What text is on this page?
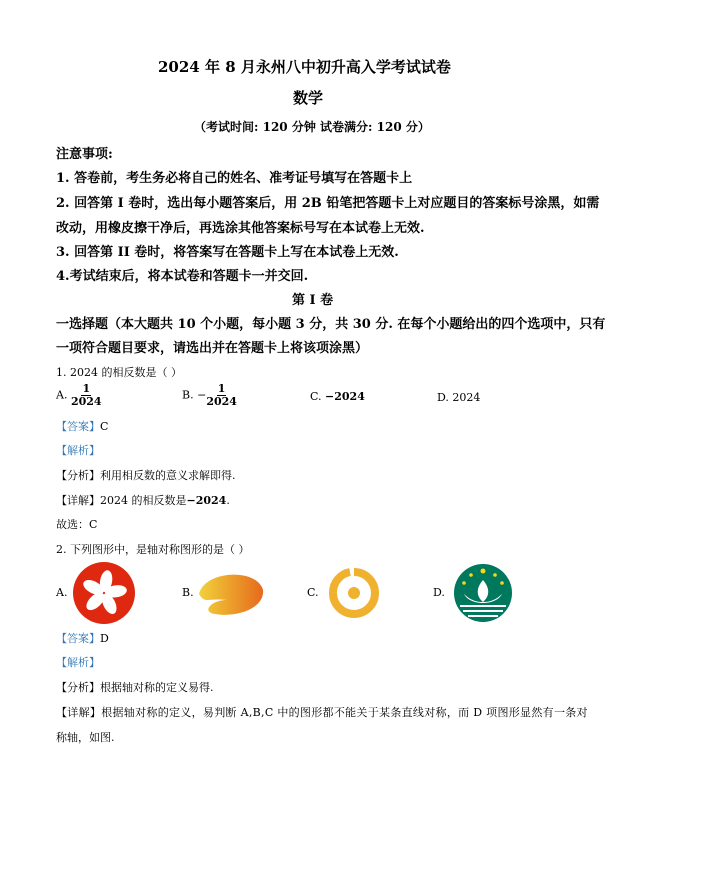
2024 年 8 月永州八中初升高入学考试试卷
数学
（考试时间: 120 分钟 试卷满分: 120 分）
注意事项:
1. 答卷前，考生务必将自己的姓名、准考证号填写在答题卡上
2. 回答第 I 卷时，选出每小题答案后，用 2B 铅笔把答题卡上对应题目的答案标号涂黑，如需
改动，用橡皮擦干净后，再选涂其他答案标号写在本试卷上无效.
3. 回答第 II 卷时，将答案写在答题卡上写在本试卷上无效.
4.考试结束后，将本试卷和答题卡一并交回.
第 I 卷
一选择题（本大题共 10 个小题，每小题 3 分，共 30 分. 在每个小题给出的四个选项中，只有
一项符合题目要求，请选出并在答题卡上将该项涂黑）
1. 2024 的相反数是（ ）
A. $\frac{1}{2024}$	B. − $\frac{1}{2024}$	C. −2024	D. 2024
【答案】C
【解析】
【分析】利用相反数的意义求解即得.
【详解】2024 的相反数是−2024.
故选：C
2. 下列图形中，是轴对称图形的是（ ）
A.	B.	C.	D.
【答案】D
【解析】
【分析】根据轴对称的定义易得.
【详解】根据轴对称的定义，易判断 A,B,C 中的图形都不能关于某条直线对称，而 D 项图形显然有一条对
称轴，如图.
